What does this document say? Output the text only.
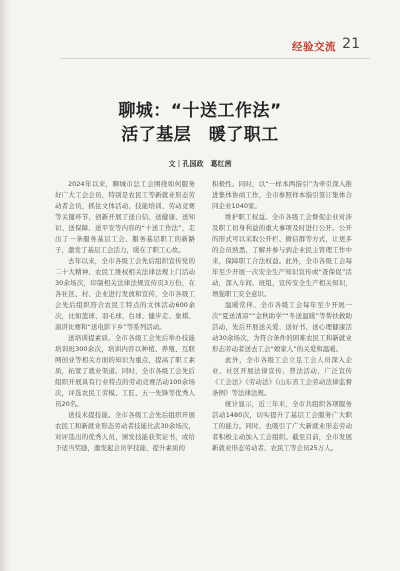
经验交流 21
聊城：“十送工作法”
活了基层　暖了职工
文｜孔国政　葛红茜

2024年以来，聊城市总工会围绕如何服务好广大工会会员，特别是农民工等新就业形态劳动者会员，抓住文体活动、技能培训、劳动竞赛等关键环节，创新开展了送自信、送健康、送知识、送保障、送平安等内容的“十送工作法”，走出了一条服务基层工会、服务基层职工的新路子，激发了基层工会活力，暖在了职工心坎。

去年以来，全市各级工会先后组织宣传党的二十大精神、农民工维权相关法律法规上门活动30余场次，印制相关法律法规宣传页3万份，在各社区、村、企业进行发放和宣传，全市各级工会先后组织符合农民工特点的文体活动600余次，比如篮球、羽毛球、台球、健步走、象棋、演讲比赛和“送电影下乡”等系列活动。

送培训提素质。全市各级工会先后举办技能培训班300余次，培训内容以种植、养殖、互联网创业等相关方面的知识为重点，提高了职工素质，拓宽了就业渠道。同时，全市各级工会先后组织开展具有行业特点的劳动竞赛活动100余场次，评选农民工劳模、工匠、五一先锋等优秀人员20名。

送技术提技能。全市各级工会先后组织开展农民工和新就业形态劳动者技能比武30余场次，对评选出的优秀人员，颁发技能获奖证书，或给予适当奖励，激发起会员学技能、提升素质的

积极性。同时，以“一样本两指引”为牵引深入推进集体协商工作，全市参照样本指引签订集体合同企业1040家。

维护职工权益。全市各级工会督促企业对涉及职工切身利益的重大事项及时进行公开。公开的形式可以采取公开栏、微信群等方式，让更多的会员熟悉，了解并参与到企业民主管理工作中来，保障职工合法权益。此外，全市各级工会每年至少开展一次安全生产知识宣传或“查保促”活动，深入车间、班组，宣传安全生产相关知识，增强职工安全意识。

温暖常伴。全市各级工会每年至少开展一次“夏送清凉”“金秋助学”“冬送温暖”等帮扶救助活动，先后开展送关爱、送好书、送心理健康活动30余场次，为符合条件的困难农民工和新就业形态劳动者送去工会“娘家人”的关爱和温暖。

此外，全市各级工会立足工会人员深入企业、社区开展法律宣传、普法活动，广泛宣传《工会法》《劳动法》《山东省工会劳动法律监督条例》等法律法规。

统计显示，近三年来，全市共组织各项服务活动1480次，切实提升了基层工会服务广大职工的能力。同时，也吸引了广大新就业形态劳动者积极主动加入工会组织。截至目前，全市发展新就业形态劳动者、农民工等会员25万人。
